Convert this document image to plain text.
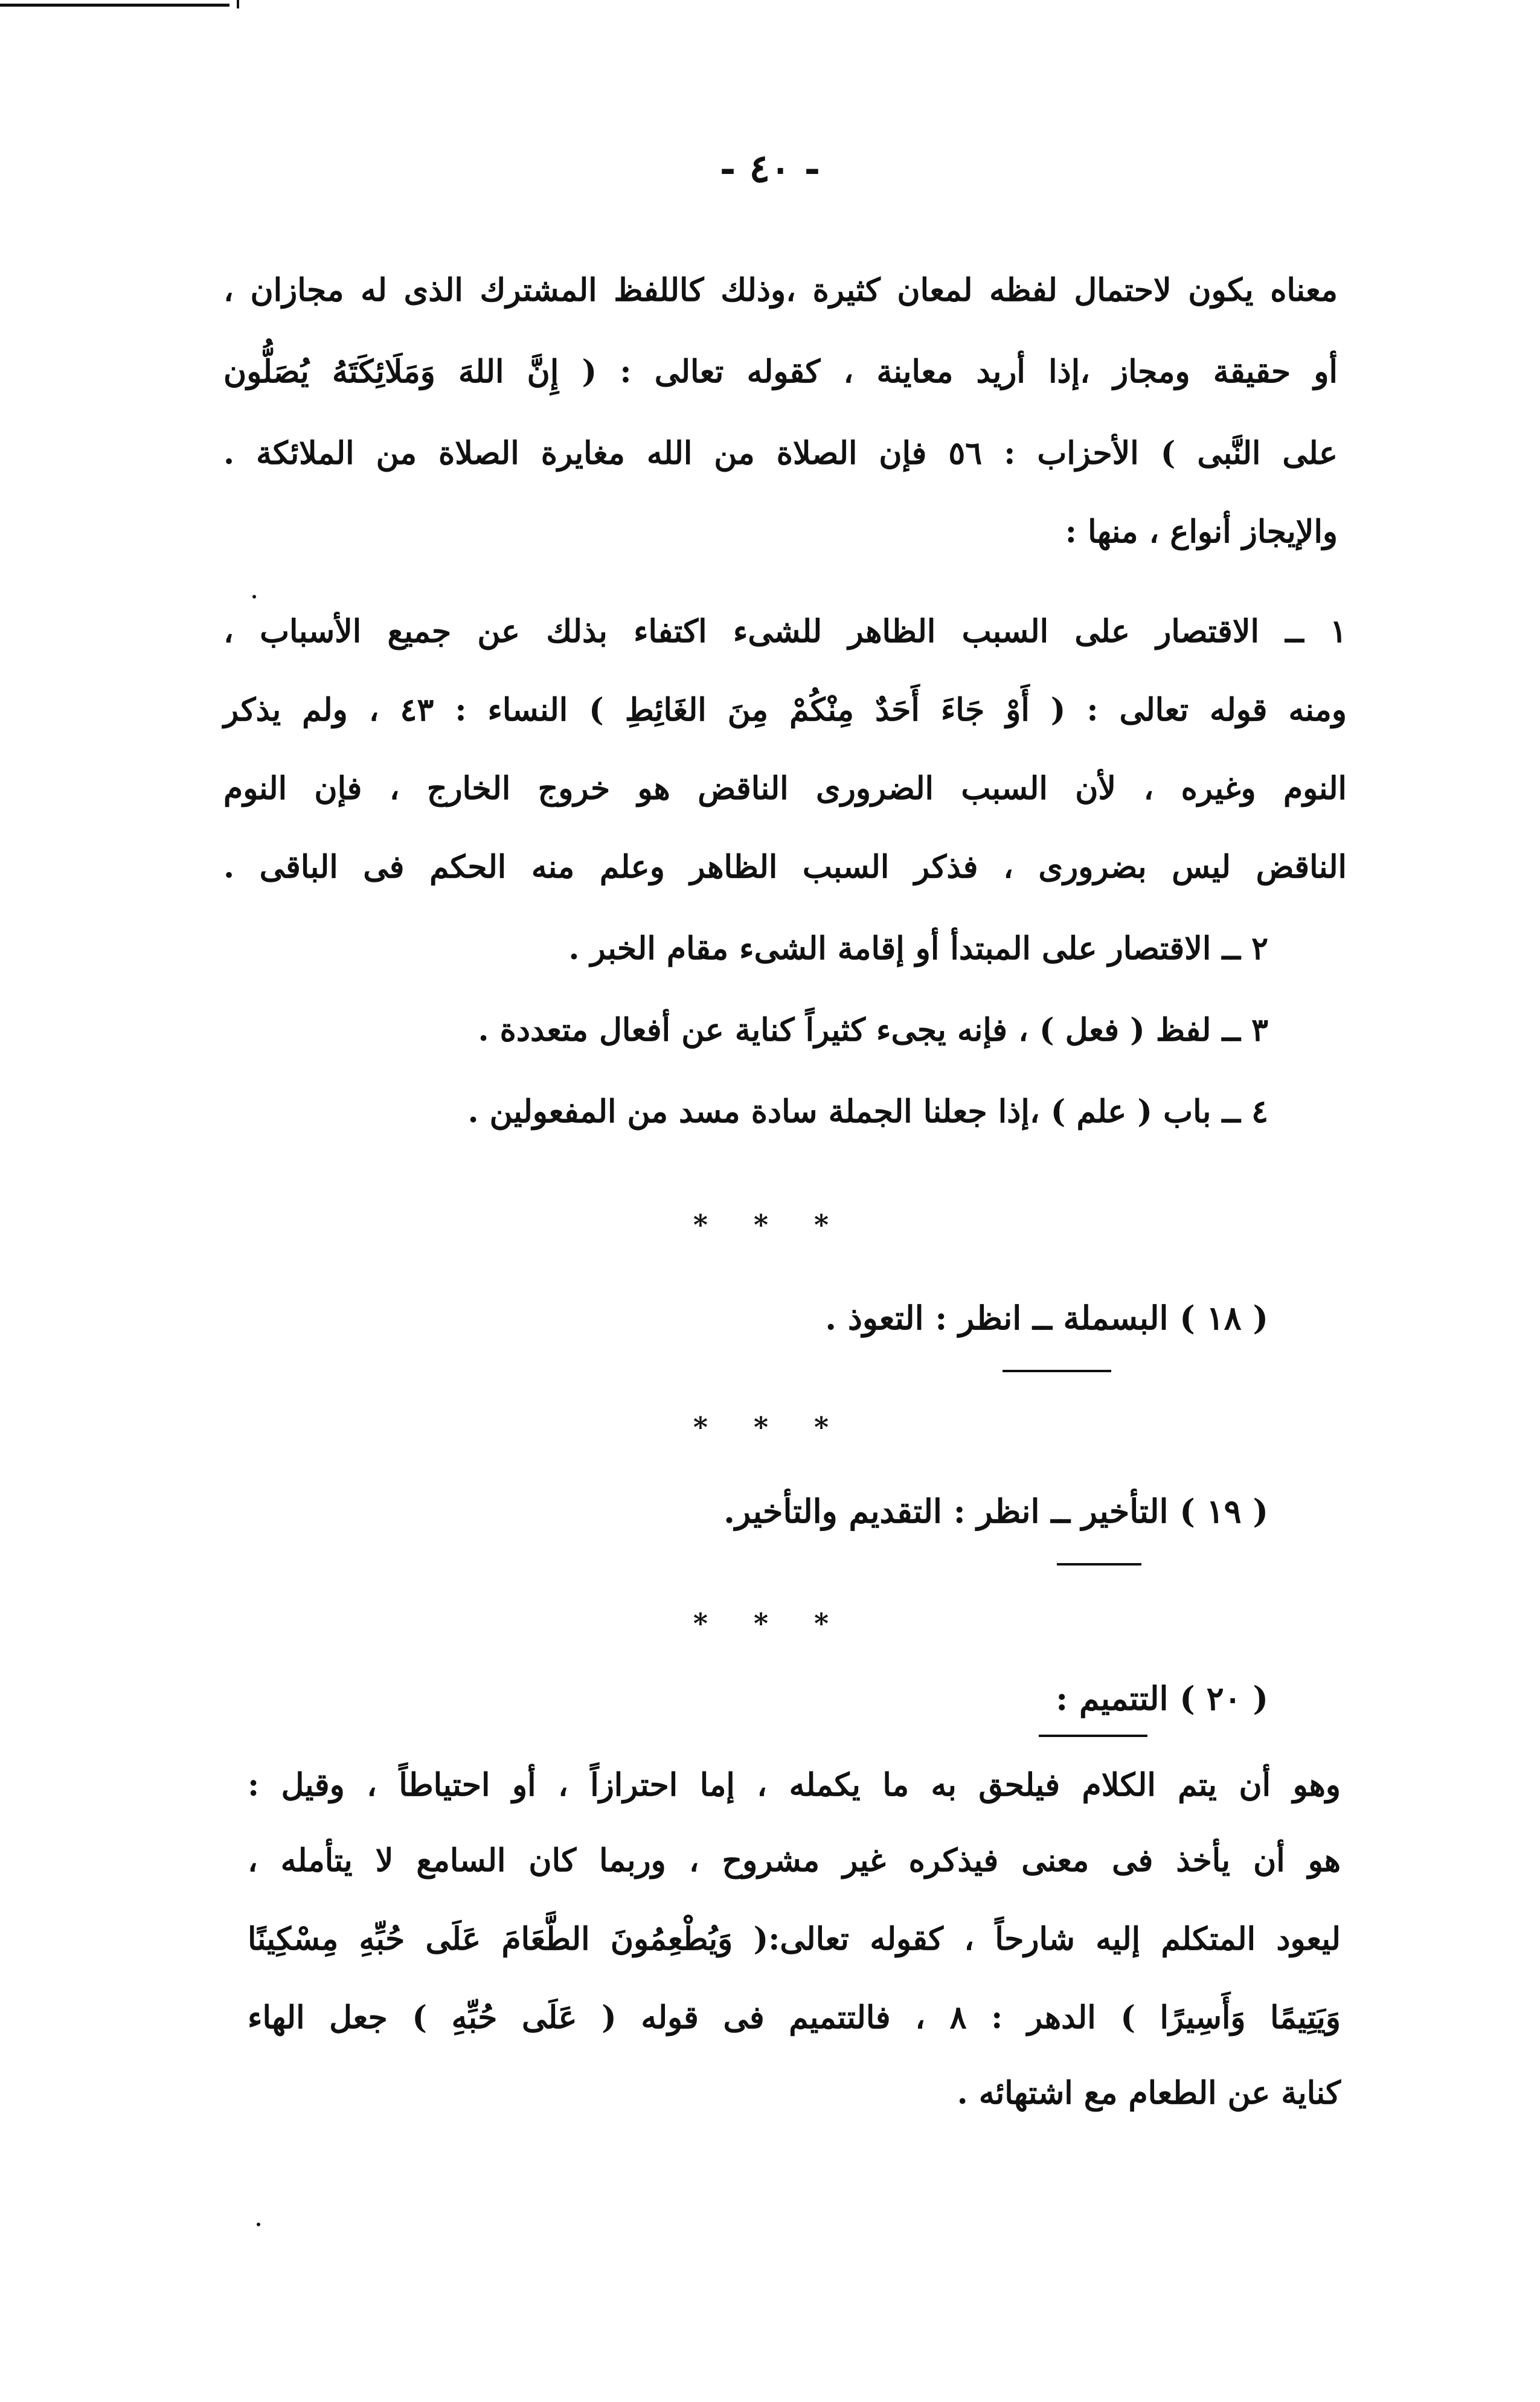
- ٤٠ -
معناه يكون لاحتمال لفظه لمعان كثيرة ،وذلك كاللفظ المشترك الذى له مجازان ،
أو حقيقة ومجاز ،إذا أريد معاينة ، كقوله تعالى : ( إِنَّ اللهَ وَمَلَائِكَتَهُ يُصَلُّون
على النَّبى ) الأحزاب : ٥٦ فإن الصلاة من الله مغايرة الصلاة من الملائكة .
والإيجاز أنواع ، منها :
١ ــ الاقتصار على السبب الظاهر للشىء اكتفاء بذلك عن جميع الأسباب ،
ومنه قوله تعالى : ( أَوْ جَاءَ أَحَدٌ مِنْكُمْ مِنَ الغَائِطِ ) النساء : ٤٣ ، ولم يذكر
النوم وغيره ، لأن السبب الضرورى الناقض هو خروج الخارج ، فإن النوم
الناقض ليس بضرورى ، فذكر السبب الظاهر وعلم منه الحكم فى الباقى .
٢ ــ الاقتصار على المبتدأ أو إقامة الشىء مقام الخبر .
٣ ــ لفظ ( فعل ) ، فإنه يجىء كثيراً كناية عن أفعال متعددة .
٤ ــ باب ( علم ) ،إذا جعلنا الجملة سادة مسد من المفعولين .
* * *
( ١٨ ) البسملة ــ انظر : التعوذ .
* * *
( ١٩ ) التأخير ــ انظر : التقديم والتأخير.
* * *
( ٢٠ ) التتميم :
وهو أن يتم الكلام فيلحق به ما يكمله ، إما احترازاً ، أو احتياطاً ، وقيل :
هو أن يأخذ فى معنى فيذكره غير مشروح ، وربما كان السامع لا يتأمله ،
ليعود المتكلم إليه شارحاً ، كقوله تعالى:( وَيُطْعِمُونَ الطَّعَامَ عَلَى حُبِّهِ مِسْكِينًا
وَيَتِيمًا وَأَسِيرًا ) الدهر : ٨ ، فالتتميم فى قوله ( عَلَى حُبِّهِ ) جعل الهاء
كناية عن الطعام مع اشتهائه .
